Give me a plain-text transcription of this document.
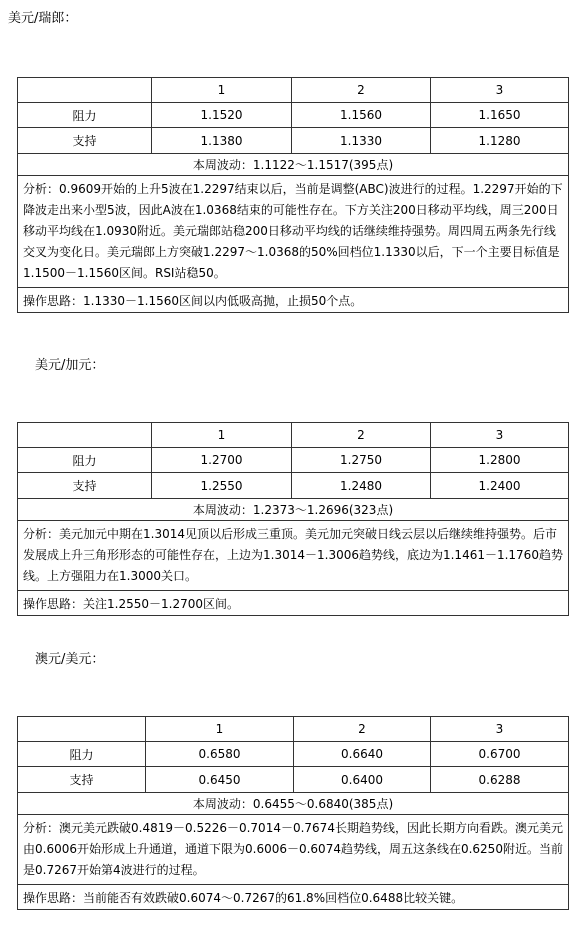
美元/瑞郎：
	1	2	3
阻力	1.1520	1.1560	1.1650
支持	1.1380	1.1330	1.1280
本周波动：1.1122～1.1517(395点)			
分析：0.9609开始的上升5波在1.2297结束以后，当前是调整(ABC)波进行的过程。1.2297开始的下降波走出来小型5波，因此A波在1.0368结束的可能性存在。下方关注200日移动平均线，周三200日移动平均线在1.0930附近。美元瑞郎站稳200日移动平均线的话继续维持强势。周四周五两条先行线交叉为变化日。美元瑞郎上方突破1.2297～1.0368的50%回档位1.1330以后，下一个主要目标值是1.1500－1.1560区间。RSI站稳50。			
操作思路：1.1330－1.1560区间以内低吸高抛，止损50个点。			
美元/加元：
	1	2	3
阻力	1.2700	1.2750	1.2800
支持	1.2550	1.2480	1.2400
本周波动：1.2373～1.2696(323点)			
分析：美元加元中期在1.3014见顶以后形成三重顶。美元加元突破日线云层以后继续维持强势。后市发展成上升三角形形态的可能性存在，上边为1.3014－1.3006趋势线，底边为1.1461－1.1760趋势线。上方强阻力在1.3000关口。			
操作思路：关注1.2550－1.2700区间。			
澳元/美元：
	1	2	3
阻力	0.6580	0.6640	0.6700
支持	0.6450	0.6400	0.6288
本周波动：0.6455～0.6840(385点)			
分析：澳元美元跌破0.4819－0.5226－0.7014－0.7674长期趋势线，因此长期方向看跌。澳元美元由0.6006开始形成上升通道，通道下限为0.6006－0.6074趋势线，周五这条线在0.6250附近。当前是0.7267开始第4波进行的过程。			
操作思路：当前能否有效跌破0.6074～0.7267的61.8%回档位0.6488比较关键。			
